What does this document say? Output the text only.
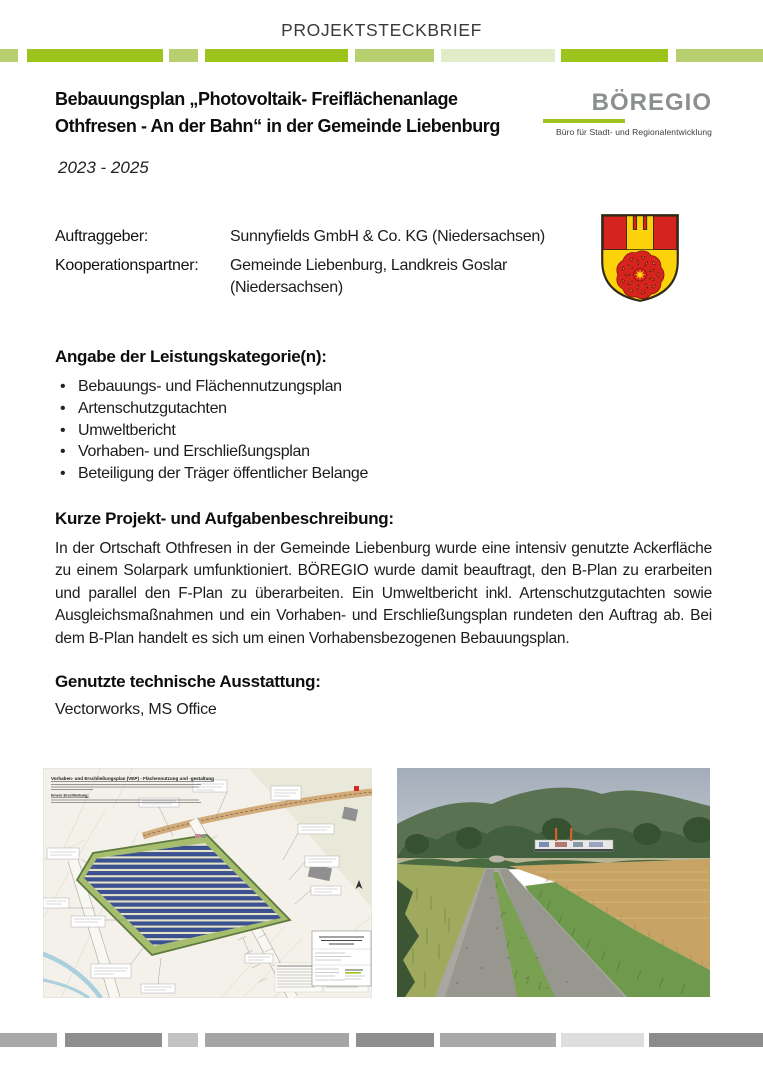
PROJEKTSTECKBRIEF
Bebauungsplan „Photovoltaik- Freiflächenanlage
Othfresen - An der Bahn“ in der Gemeinde Liebenburg
BÖREGIO
Büro für Stadt- und Regionalentwicklung
2023 - 2025
Auftraggeber:	Sunnyfields GmbH & Co. KG (Niedersachsen)
Kooperationspartner:	Gemeinde Liebenburg, Landkreis Goslar (Niedersachsen)
Angabe der Leistungskategorie(n):
• Bebauungs- und Flächennutzungsplan
• Artenschutzgutachten
• Umweltbericht
• Vorhaben- und Erschließungsplan
• Beteiligung der Träger öffentlicher Belange
Kurze Projekt- und Aufgabenbeschreibung:
In der Ortschaft Othfresen in der Gemeinde Liebenburg wurde eine intensiv genutzte Ackerfläche zu einem Solarpark umfunktioniert. BÖREGIO wurde damit beauftragt, den B-Plan zu erarbeiten und parallel den F-Plan zu überarbeiten. Ein Umweltbericht inkl. Artenschutzgutachten sowie Ausgleichsmaßnahmen und ein Vorhaben- und Erschließungsplan rundeten den Auftrag ab. Bei dem B-Plan handelt es sich um einen Vorhabensbezogenen Bebauungsplan.
Genutzte technische Ausstattung:
Vectorworks, MS Office
Vorhaben- und Erschließungsplan (VEP) - Flächennutzung und -gestaltung
Innere Erschließung:
